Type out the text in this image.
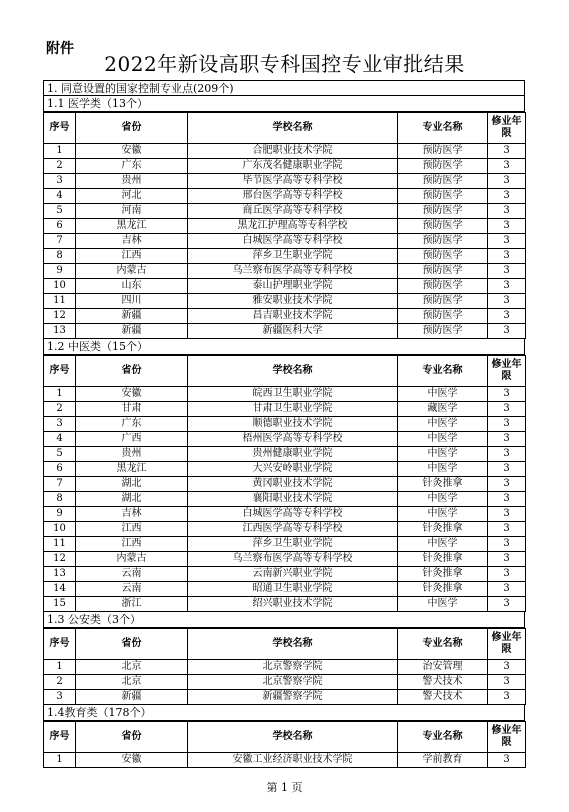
附件
2022年新设高职专科国控专业审批结果
1. 同意设置的国家控制专业点(209个)
1.1 医学类（13个）
序号	省份	学校名称	专业名称	修业年限
1	安徽	合肥职业技术学院	预防医学	3
2	广东	广东茂名健康职业学院	预防医学	3
3	贵州	毕节医学高等专科学校	预防医学	3
4	河北	邢台医学高等专科学校	预防医学	3
5	河南	商丘医学高等专科学校	预防医学	3
6	黑龙江	黑龙江护理高等专科学校	预防医学	3
7	吉林	白城医学高等专科学校	预防医学	3
8	江西	萍乡卫生职业学院	预防医学	3
9	内蒙古	乌兰察布医学高等专科学校	预防医学	3
10	山东	泰山护理职业学院	预防医学	3
11	四川	雅安职业技术学院	预防医学	3
12	新疆	昌吉职业技术学院	预防医学	3
13	新疆	新疆医科大学	预防医学	3
1.2 中医类（15个）
序号	省份	学校名称	专业名称	修业年限
1	安徽	皖西卫生职业学院	中医学	3
2	甘肃	甘肃卫生职业学院	藏医学	3
3	广东	顺德职业技术学院	中医学	3
4	广西	梧州医学高等专科学校	中医学	3
5	贵州	贵州健康职业学院	中医学	3
6	黑龙江	大兴安岭职业学院	中医学	3
7	湖北	黄冈职业技术学院	针灸推拿	3
8	湖北	襄阳职业技术学院	中医学	3
9	吉林	白城医学高等专科学校	中医学	3
10	江西	江西医学高等专科学校	针灸推拿	3
11	江西	萍乡卫生职业学院	中医学	3
12	内蒙古	乌兰察布医学高等专科学校	针灸推拿	3
13	云南	云南新兴职业学院	针灸推拿	3
14	云南	昭通卫生职业学院	针灸推拿	3
15	浙江	绍兴职业技术学院	中医学	3
1.3 公安类（3个）
序号	省份	学校名称	专业名称	修业年限
1	北京	北京警察学院	治安管理	3
2	北京	北京警察学院	警犬技术	3
3	新疆	新疆警察学院	警犬技术	3
1.4教育类（178个）
序号	省份	学校名称	专业名称	修业年限
1	安徽	安徽工业经济职业技术学院	学前教育	3
第 1 页
